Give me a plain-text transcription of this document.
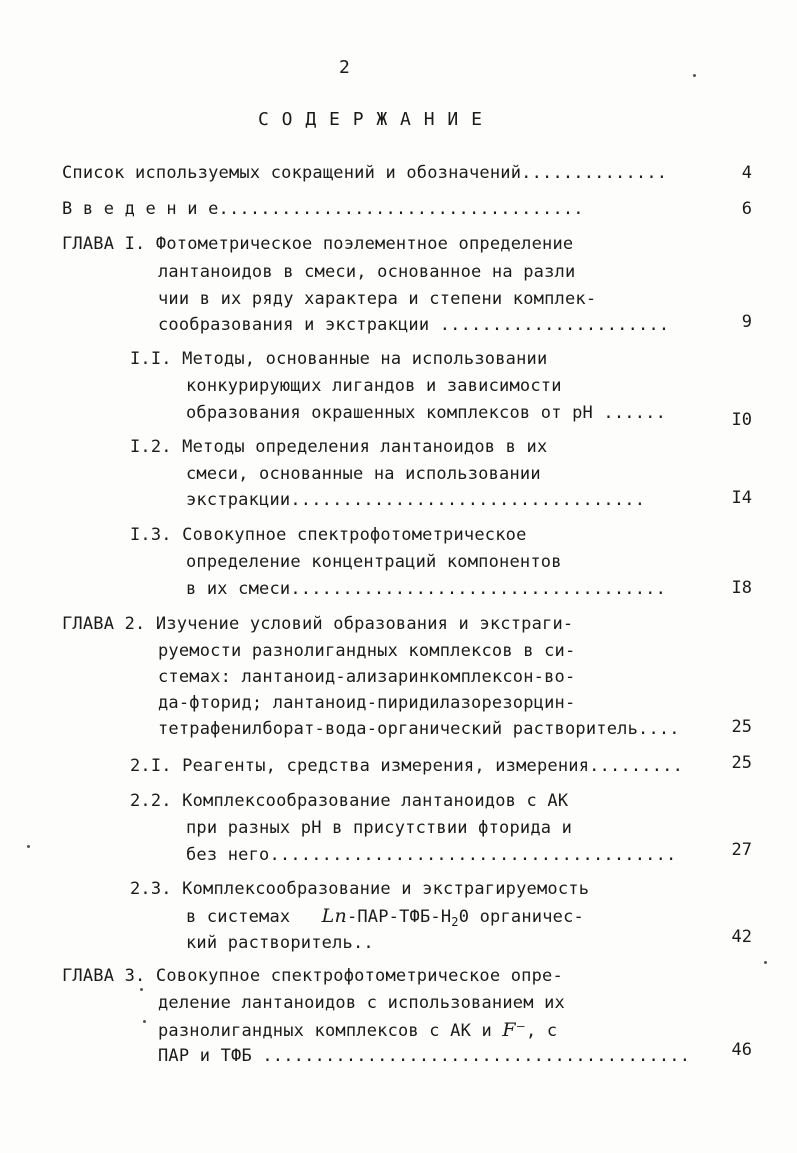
2
С О Д Е Р Ж А Н И Е
Список используемых сокращений и обозначений..............	4
В в е д е н и е...................................	6
ГЛАВА I. Фотометрическое поэлементное определение
лантаноидов в смеси, основанное на разли
чии в их ряду характера и степени комплек-
сообразования и экстракции ......................	9
I.I. Методы, основанные на использовании
конкурирующих лигандов и зависимости
образования окрашенных комплексов от рН ......	I0
I.2. Методы определения лантаноидов в их
смеси, основанные на использовании
экстракции..................................	I4
I.3. Совокупное спектрофотометрическое
определение концентраций компонентов
в их смеси....................................	I8
ГЛАВА 2. Изучение условий образования и экстраги-
руемости разнолигандных комплексов в си-
стемах: лантаноид-ализаринкомплексон-во-
да-фторид; лантаноид-пиридилазорезорцин-
тетрафенилборат-вода-органический растворитель....	25
2.I. Реагенты, средства измерения, измерения.........	25
2.2. Комплексообразование лантаноидов с АК
при разных рН в присутствии фторида и
без него.......................................	27
2.3. Комплексообразование и экстрагируемость
в системах $Ln-ПАР-ТФБ-Н_20$ органичес-
кий растворитель..	42
ГЛАВА 3. Совокупное спектрофотометрическое опре-
деление лантаноидов с использованием их
разнолигандных комплексов с АК и F⁻, с
ПАР и ТФБ .........................................	46
